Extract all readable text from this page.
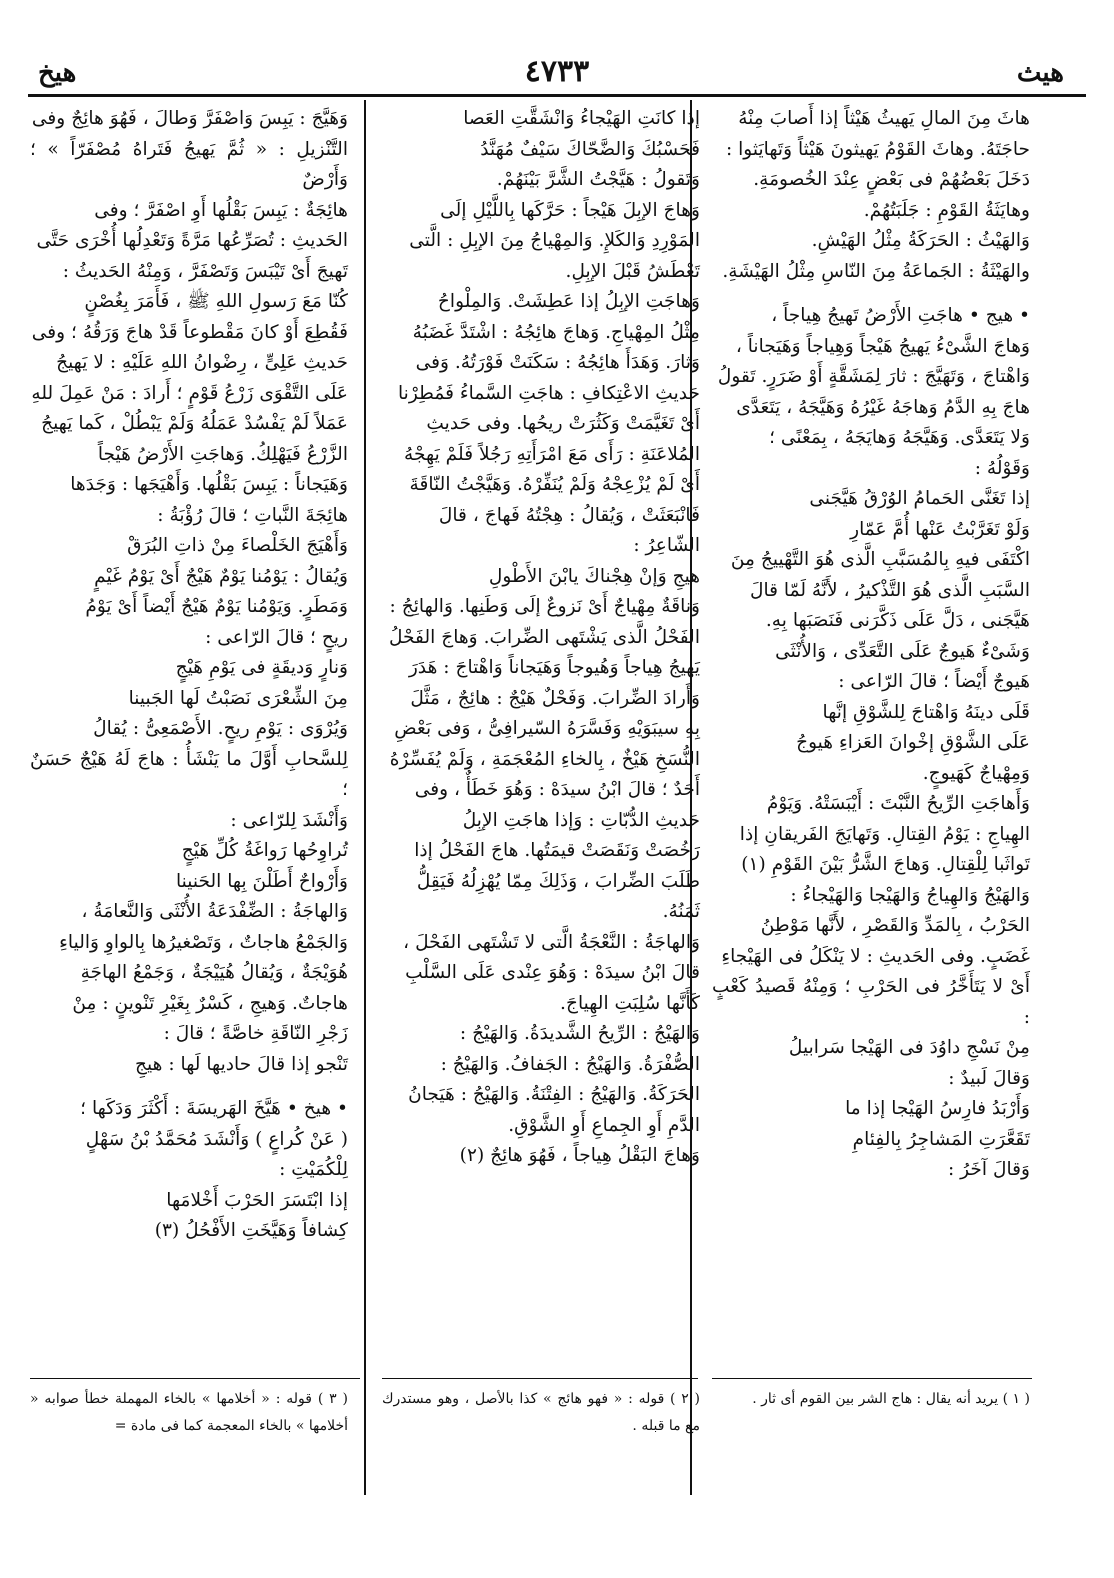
هيث
٤٧٣٣
هيخ

هاثَ مِنَ المالِ يَهيثُ هَيْثاً إذا أَصابَ مِنْهُ

حاجَتَهُ. وهاثَ القَوْمُ يَهيثونَ هَيْثاً وَتَهايَثوا :

دَخَلَ بَعْضُهُمْ فى بَعْضٍ عِنْدَ الخُصومَةِ.

وهايَثَةُ القَوْمِ : جَلَبَتُهُمْ.

وَالهَيْثُ : الحَرَكَةُ مِثْلُ الهَيْشِ.

والهَيْثَةُ : الجَماعَةُ مِنَ النّاسِ مِثْلُ الهَيْشَةِ.

• هيج • هاجَتِ الأَرْضُ تَهيجُ هِياجاً ،

وَهاجَ الشَّىْءُ يَهيجُ هَيْجاً وَهِياجاً وَهَيَجاناً ،

وَاهْتاجَ ، وَتَهَيَّجَ : ثارَ لِمَشَقَّةٍ أَوْ ضَرَرٍ. تَقولُ

هاجَ بِهِ الدَّمُ وَهاجَهُ غَيْرُهُ وَهَيَّجَهُ ، يَتَعَدَّى

وَلا يَتَعَدَّى. وَهَيَّجَهُ وَهايَجَهُ ، بِمَعْنًى ؛

وَقَوْلُهُ :

إذا تَغَنَّى الحَمامُ الوُرْقُ هَيَّجَنى

وَلَوْ تَغَرَّبْتُ عَنْها أُمَّ عَمّارِ

اكْتَفَى فيهِ بِالمُسَبَّبِ الَّذى هُوَ التَّهْييجُ مِنَ

السَّبَبِ الَّذى هُوَ التَّذْكيرُ ، لأَنَّهُ لَمّا قالَ

هَيَّجَنى ، دَلَّ عَلَى ذَكَّرَنى فَنَصَبَها بِهِ.

وَشَىْءٌ هَيوجٌ عَلَى التَّعَدِّى ، وَالأُنْثَى

هَيوجٌ أَيْضاً ؛ قالَ الرّاعى :

قَلَى دينَهُ وَاهْتاجَ لِلشَّوْقِ إنَّها

عَلَى الشَّوْقِ إخْوانَ العَزاءِ هَيوجُ

وَمِهْياجٌ كَهَيوجٍ.

وَأَهاجَتِ الرِّيحُ النَّبْتَ : أَيْبَسَتْهُ. وَيَوْمُ

الهِياجِ : يَوْمُ القِتالِ. وَتَهايَجَ الفَريقانِ إذا

تَواثَبا لِلْقِتالِ. وَهاجَ الشَّرُّ بَيْنَ القَوْمِ (١)

وَالهَيْجُ وَالهِياجُ وَالهَيْجا وَالهَيْجاءُ :

الحَرْبُ ، بِالمَدِّ وَالقَصْرِ ، لأَنَّها مَوْطِنُ

غَضَبٍ. وفى الحَديثِ : لا يَنْكَلُ فى الهَيْجاءِ

أَىْ لا يَتَأَخَّرُ فى الحَرْبِ ؛ وَمِنْهُ قَصيدُ كَعْبٍ :

مِنْ نَسْجِ داوُدَ فى الهَيْجا سَرابيلُ

وَقالَ لَبيدٌ :

وَأَرْبَدُ فارِسُ الهَيْجا إذا ما

تَقَعَّرَتِ المَشاجِرُ بِالفِئامِ

وَقالَ آخَرُ :

إذا كانَتِ الهَيْجاءُ وَانْشَقَّتِ العَصا

فَحَسْبُكَ وَالضَّحّاكَ سَيْفٌ مُهَنَّدُ

وَتَقولُ : هَيَّجْتُ الشَّرَّ بَيْنَهُمْ.

وَهاجَ الإبِلَ هَيْجاً : حَرَّكَها بِاللَّيْلِ إلَى

المَوْرِدِ وَالكَلإِ. وَالمِهْياجُ مِنَ الإبِلِ : الَّتى

تَعْطَشُ قَبْلَ الإبِلِ.

وَهاجَتِ الإبِلُ إذا عَطِشَتْ. وَالمِلْواحُ

مِثْلُ المِهْياجِ. وَهاجَ هائِجُهُ : اشْتَدَّ غَضَبُهُ

وَثارَ. وَهَدَأَ هائِجُهُ : سَكَنَتْ فَوْرَتُهُ. وَفى

حَديثِ الاعْتِكافِ : هاجَتِ السَّماءُ فَمُطِرْنا

أَىْ تَغَيَّمَتْ وَكَثُرَتْ ريحُها. وفى حَديثِ

المُلاعَنَةِ : رَأَى مَعَ امْرَأَتِهِ رَجُلاً فَلَمْ يَهِجْهُ

أَىْ لَمْ يُزْعِجْهُ وَلَمْ يُنَفِّرْهُ. وَهَيَّجْتُ النّاقَةَ

فَانْبَعَثَتْ ، وَيُقالُ : هِجْتُهُ فَهاجَ ، قالَ

الشّاعِرُ :

هيجِ وَإنْ هِجْناكَ يابْنَ الأَطْولِ

وَناقَةٌ مِهْياجٌ أَىْ نَزوعٌ إلَى وَطَنِها. وَالهائِجُ :

الفَحْلُ الَّذى يَشْتَهى الضِّرابَ. وَهاجَ الفَحْلُ

يَهيجُ هِياجاً وَهُيوجاً وَهَيَجاناً وَاهْتاجَ : هَدَرَ

وَأَرادَ الضِّرابَ. وَفَحْلٌ هَيْجٌ : هائِجٌ ، مَثَّلَ

بِهِ سيبَوَيْهِ وَفَسَّرَهُ السّيرافِىُّ ، وَفى بَعْضِ

النُّسَخِ هَيْخٌ ، بِالخاءِ المُعْجَمَةِ ، وَلَمْ يُفَسِّرْهُ

أَحَدٌ ؛ قالَ ابْنُ سيدَهْ : وَهُوَ خَطَأٌ ، وفى

حَديثِ الدُّبّاتِ : وَإذا هاجَتِ الإبِلُ

رَخُصَتْ وَنَقَصَتْ قيمَتُها. هاجَ الفَحْلُ إذا

طَلَبَ الضِّرابَ ، وَذَلِكَ مِمّا يُهْزِلُهُ فَيَقِلُّ

ثَمَنُهُ.

وَالهاجَةُ : النَّعْجَةُ الَّتى لا تَشْتَهى الفَحْلَ ،

قالَ ابْنُ سيدَهْ : وَهُوَ عِنْدى عَلَى السَّلْبِ

كَأَنَّها سُلِبَتِ الهِياجَ.

وَالهَيْجُ : الرِّيحُ الشَّديدَةُ. وَالهَيْجُ :

الصُّفْرَةُ. وَالهَيْجُ : الجَفافُ. وَالهَيْجُ :

الحَرَكَةُ. وَالهَيْجُ : الفِتْنَةُ. وَالهَيْجُ : هَيَجانُ

الدَّمِ أَوِ الجِماعِ أَوِ الشَّوْقِ.

وَهاجَ البَقْلُ هِياجاً ، فَهُوَ هائِجٌ (٢)

وَهَيَّجَ : يَبِسَ وَاصْفَرَّ وَطالَ ، فَهُوَ هائِجٌ وفى

التَّنْزيلِ : « ثُمَّ يَهيجُ فَتَراهُ مُصْفَرّاً » ؛ وَأَرْضٌ

هائِجَةٌ : يَبِسَ بَقْلُها أَوِ اصْفَرَّ ؛ وفى

الحَديثِ : تُصَرِّعُها مَرَّةً وَتَعْدِلُها أُخْرَى حَتَّى

تَهيجَ أَىْ تَيْبَسَ وَتَصْفَرَّ ، وَمِنْهُ الحَديثُ :

كُنّا مَعَ رَسولِ اللهِ ﷺ ، فَأَمَرَ بِغُصْنٍ

فَقُطِعَ أَوْ كانَ مَقْطوعاً قَدْ هاجَ وَرَقُهُ ؛ وفى

حَديثِ عَلِىٍّ ، رِضْوانُ اللهِ عَلَيْهِ : لا يَهيجُ

عَلَى التَّقْوَى زَرْعُ قَوْمٍ ؛ أَرادَ : مَنْ عَمِلَ للهِ

عَمَلاً لَمْ يَفْسُدْ عَمَلُهُ وَلَمْ يَبْطُلْ ، كَما يَهيجُ

الزَّرْعُ فَيَهْلِكُ. وَهاجَتِ الأَرْضُ هَيْجاً

وَهَيَجاناً : يَبِسَ بَقْلُها. وَأَهْيَجَها : وَجَدَها

هائِجَةَ النَّباتِ ؛ قالَ رُؤْبَةُ :

وَأَهْيَجَ الخَلْصاءَ مِنْ ذاتِ البُرَقْ

وَيُقالُ : يَوْمُنا يَوْمٌ هَيْجٌ أَىْ يَوْمُ غَيْمٍ

وَمَطَرٍ. وَيَوْمُنا يَوْمٌ هَيْجٌ أَيْضاً أَىْ يَوْمُ

ريحٍ ؛ قالَ الرّاعى :

وَنارٍ وَديقَةٍ فى يَوْمِ هَيْجٍ

مِنَ الشِّعْرَى نَصَبْتُ لَها الجَبينا

وَيُرْوَى : يَوْمِ ريحٍ. الأَصْمَعِىُّ : يُقالُ

لِلسَّحابِ أَوَّلَ ما يَنْشَأُ : هاجَ لَهُ هَيْجٌ حَسَنٌ ؛

وَأَنْشَدَ لِلرّاعى :

تُراوِحُها رَواغَةُ كُلِّ هَيْجٍ

وَأَرْواحٌ أَطَلْنَ بِها الحَنينا

وَالهاجَةُ : الضِّفْدَعَةُ الأُنْثَى وَالنَّعامَةُ ،

وَالجَمْعُ هاجاتٌ ، وَتَصْغيرُها بِالواوِ وَالياءِ

هُوَيْجَةٌ ، وَيُقالُ هُيَيْجَةٌ ، وَجَمْعُ الهاجَةِ

هاجاتٌ. وَهيجِ ، كَسْرٌ بِغَيْرِ تَنْوينٍ : مِنْ

زَجْرِ النّاقَةِ خاصَّةً ؛ قالَ :

تَنْجو إذا قالَ حاديها لَها : هيجِ

• هيخ • هَيَّخَ الهَريسَةَ : أَكْثَرَ وَدَكَها ؛

( عَنْ كُراعٍ ) وَأَنْشَدَ مُحَمَّدُ بْنُ سَهْلٍ

لِلْكُمَيْتِ :

إذا ابْتَسَرَ الحَرْبَ أَخْلامَها

كِشافاً وَهَيَّخَتِ الأَفْحُلُ (٣)

( ١ ) يريد أنه يقال : هاج الشر بين القوم أى ثار .
( ٢ ) قوله : « فهو هائج » كذا بالأصل ، وهو مستدرك مع ما قبله .
( ٣ ) قوله : « أخلامها » بالخاء المهملة خطأ صوابه « أخلامها » بالخاء المعجمة كما فى مادة =
